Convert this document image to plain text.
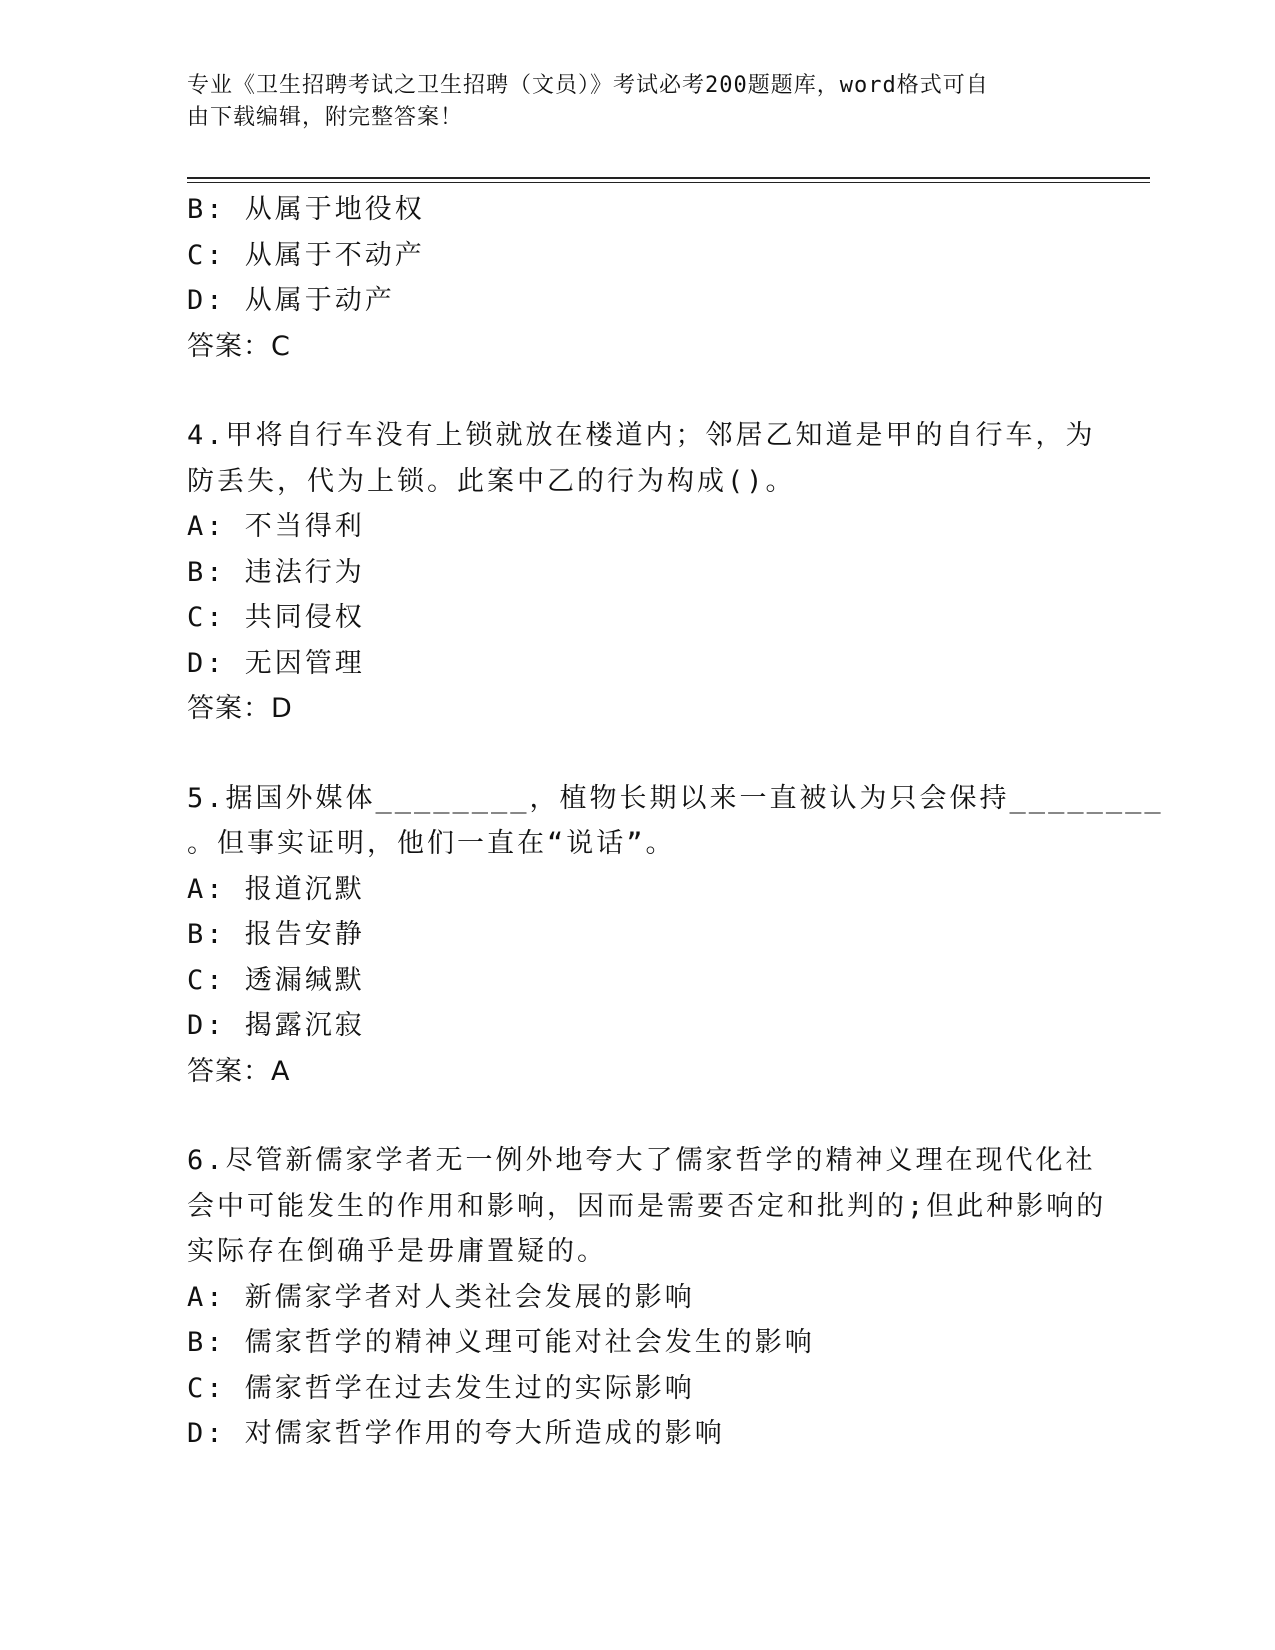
专业《卫生招聘考试之卫生招聘（文员）》考试必考200题题库，word格式可自
由下载编辑，附完整答案！
B: 从属于地役权
C: 从属于不动产
D: 从属于动产
答案：C
4.甲将自行车没有上锁就放在楼道内；邻居乙知道是甲的自行车，为
防丢失，代为上锁。此案中乙的行为构成()。
A: 不当得利
B: 违法行为
C: 共同侵权
D: 无因管理
答案：D
5.据国外媒体________，植物长期以来一直被认为只会保持________
。但事实证明，他们一直在“说话”。
A: 报道沉默
B: 报告安静
C: 透漏缄默
D: 揭露沉寂
答案：A
6.尽管新儒家学者无一例外地夸大了儒家哲学的精神义理在现代化社
会中可能发生的作用和影响，因而是需要否定和批判的;但此种影响的
实际存在倒确乎是毋庸置疑的。
A: 新儒家学者对人类社会发展的影响
B: 儒家哲学的精神义理可能对社会发生的影响
C: 儒家哲学在过去发生过的实际影响
D: 对儒家哲学作用的夸大所造成的影响
